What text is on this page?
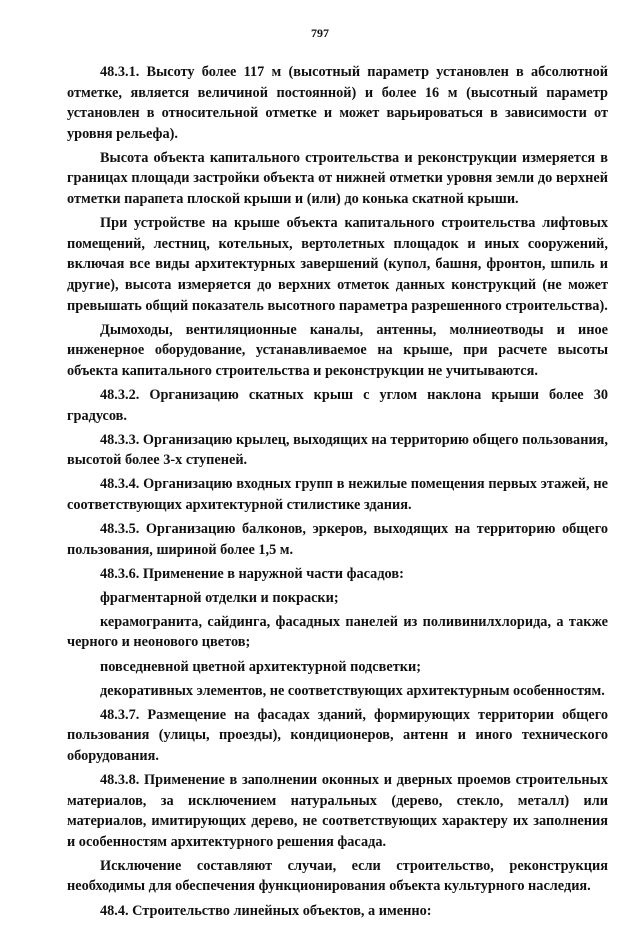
797

48.3.1. Высоту более 117 м (высотный параметр установлен в абсолютной отметке, является величиной постоянной) и более 16 м (высотный параметр установлен в относительной отметке и может варьироваться в зависимости от уровня рельефа).

Высота объекта капитального строительства и реконструкции измеряется в границах площади застройки объекта от нижней отметки уровня земли до верхней отметки парапета плоской крыши и (или) до конька скатной крыши.

При устройстве на крыше объекта капитального строительства лифтовых помещений, лестниц, котельных, вертолетных площадок и иных сооружений, включая все виды архитектурных завершений (купол, башня, фронтон, шпиль и другие), высота измеряется до верхних отметок данных конструкций (не может превышать общий показатель высотного параметра разрешенного строительства).

Дымоходы, вентиляционные каналы, антенны, молниеотводы и иное инженерное оборудование, устанавливаемое на крыше, при расчете высоты объекта капитального строительства и реконструкции не учитываются.

48.3.2. Организацию скатных крыш с углом наклона крыши более 30 градусов.

48.3.3. Организацию крылец, выходящих на территорию общего пользования, высотой более 3-х ступеней.

48.3.4. Организацию входных групп в нежилые помещения первых этажей, не соответствующих архитектурной стилистике здания.

48.3.5. Организацию балконов, эркеров, выходящих на территорию общего пользования, шириной более 1,5 м.

48.3.6. Применение в наружной части фасадов:

фрагментарной отделки и покраски;

керамогранита, сайдинга, фасадных панелей из поливинилхлорида, а также черного и неонового цветов;

повседневной цветной архитектурной подсветки;

декоративных элементов, не соответствующих архитектурным особенностям.

48.3.7. Размещение на фасадах зданий, формирующих территории общего пользования (улицы, проезды), кондиционеров, антенн и иного технического оборудования.

48.3.8. Применение в заполнении оконных и дверных проемов строительных материалов, за исключением натуральных (дерево, стекло, металл) или материалов, имитирующих дерево, не соответствующих характеру их заполнения и особенностям архитектурного решения фасада.

Исключение составляют случаи, если строительство, реконструкция необходимы для обеспечения функционирования объекта культурного наследия.

48.4. Строительство линейных объектов, а именно:
